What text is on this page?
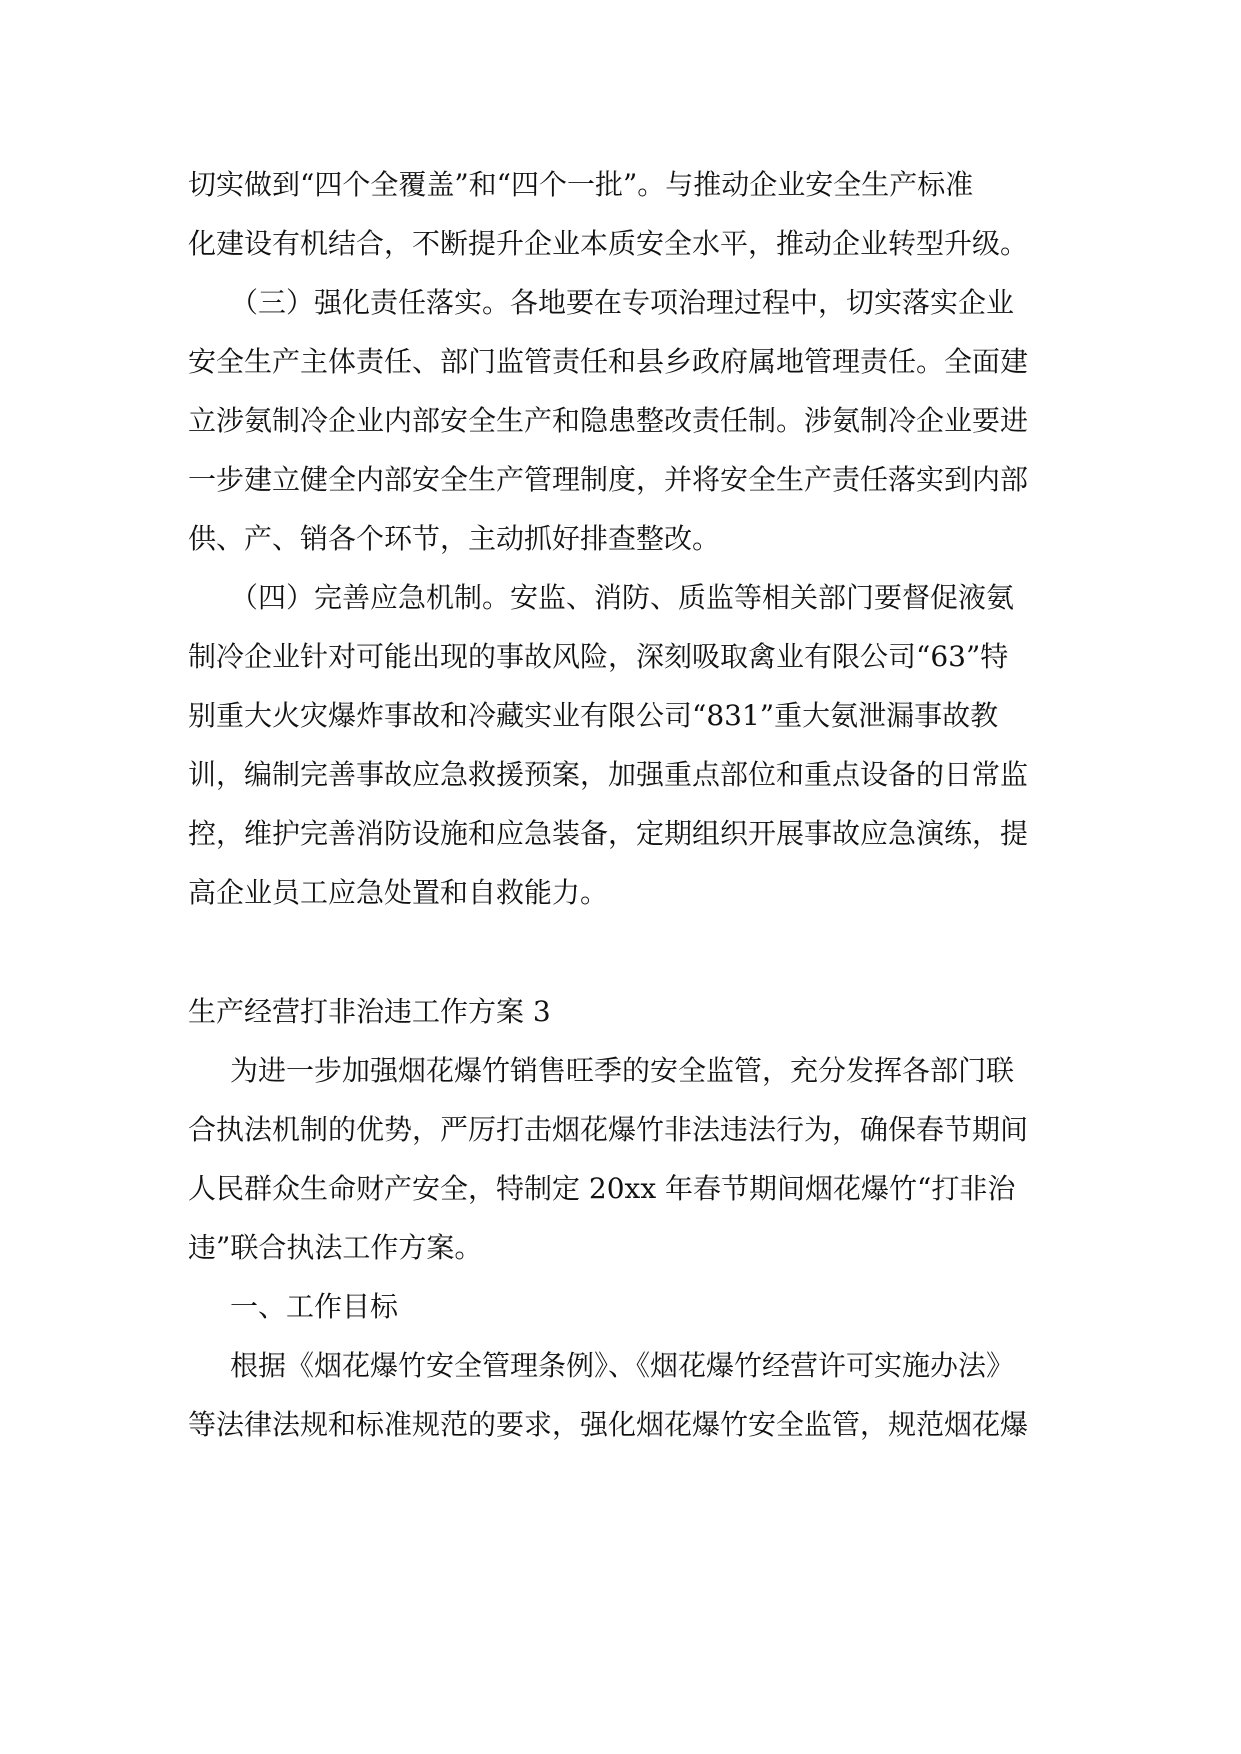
切实做到“四个全覆盖”和“四个一批”。与推动企业安全生产标准
化建设有机结合，不断提升企业本质安全水平，推动企业转型升级。
（三）强化责任落实。各地要在专项治理过程中，切实落实企业
安全生产主体责任、部门监管责任和县乡政府属地管理责任。全面建
立涉氨制冷企业内部安全生产和隐患整改责任制。涉氨制冷企业要进
一步建立健全内部安全生产管理制度，并将安全生产责任落实到内部
供、产、销各个环节，主动抓好排查整改。
（四）完善应急机制。安监、消防、质监等相关部门要督促液氨
制冷企业针对可能出现的事故风险，深刻吸取禽业有限公司“63”特
别重大火灾爆炸事故和冷藏实业有限公司“831”重大氨泄漏事故教
训，编制完善事故应急救援预案，加强重点部位和重点设备的日常监
控，维护完善消防设施和应急装备，定期组织开展事故应急演练，提
高企业员工应急处置和自救能力。
生产经营打非治违工作方案 3
为进一步加强烟花爆竹销售旺季的安全监管，充分发挥各部门联
合执法机制的优势，严厉打击烟花爆竹非法违法行为，确保春节期间
人民群众生命财产安全，特制定 20xx 年春节期间烟花爆竹“打非治
违”联合执法工作方案。
一、工作目标
根据《烟花爆竹安全管理条例》、《烟花爆竹经营许可实施办法》
等法律法规和标准规范的要求，强化烟花爆竹安全监管，规范烟花爆
